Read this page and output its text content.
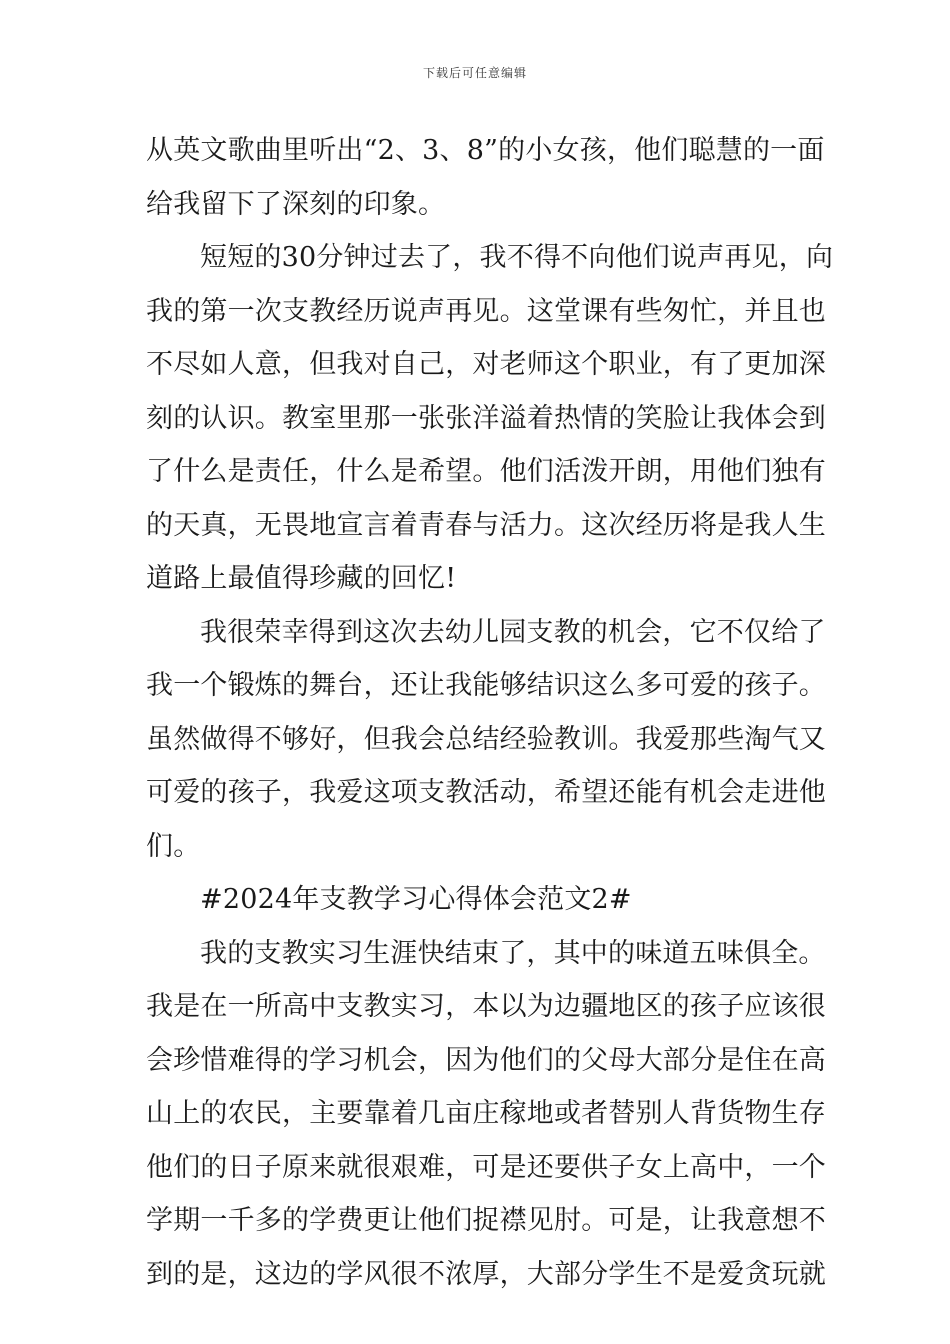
下载后可任意编辑
从英文歌曲里听出“2、3、8”的小女孩，他们聪慧的一面
给我留下了深刻的印象。
短短的30分钟过去了，我不得不向他们说声再见，向
我的第一次支教经历说声再见。这堂课有些匆忙，并且也
不尽如人意，但我对自己，对老师这个职业，有了更加深
刻的认识。教室里那一张张洋溢着热情的笑脸让我体会到
了什么是责任，什么是希望。他们活泼开朗，用他们独有
的天真，无畏地宣言着青春与活力。这次经历将是我人生
道路上最值得珍藏的回忆!
我很荣幸得到这次去幼儿园支教的机会，它不仅给了
我一个锻炼的舞台，还让我能够结识这么多可爱的孩子。
虽然做得不够好，但我会总结经验教训。我爱那些淘气又
可爱的孩子，我爱这项支教活动，希望还能有机会走进他
们。
#2024年支教学习心得体会范文2#
我的支教实习生涯快结束了，其中的味道五味俱全。
我是在一所高中支教实习，本以为边疆地区的孩子应该很
会珍惜难得的学习机会，因为他们的父母大部分是住在高
山上的农民，主要靠着几亩庄稼地或者替别人背货物生存
他们的日子原来就很艰难，可是还要供子女上高中，一个
学期一千多的学费更让他们捉襟见肘。可是，让我意想不
到的是，这边的学风很不浓厚，大部分学生不是爱贪玩就
